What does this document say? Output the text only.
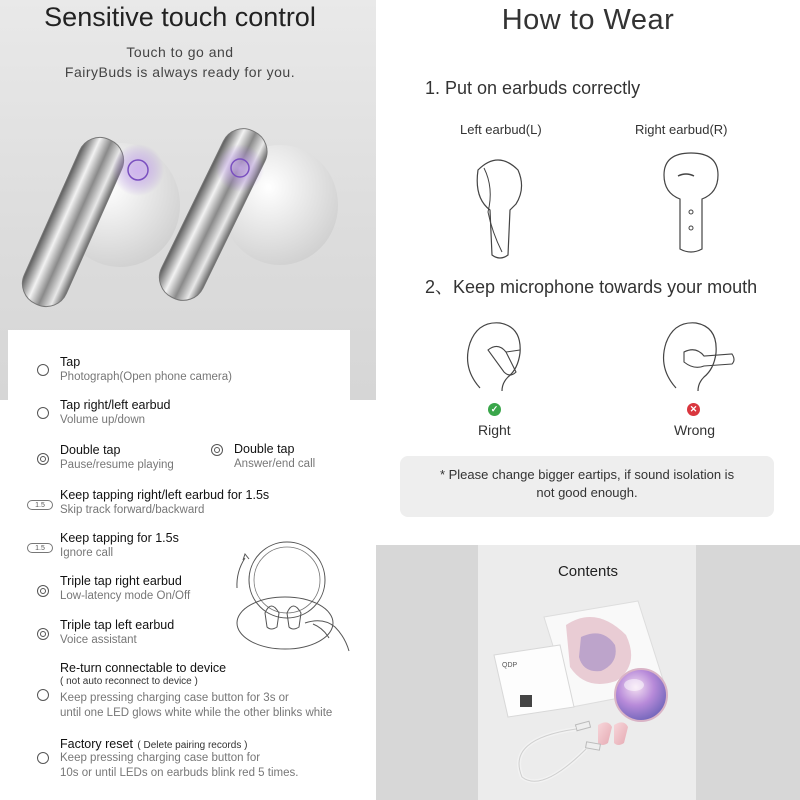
Sensitive touch control
Touch to go and
FairyBuds is always ready for you.
Tap
Photograph(Open phone camera)
Tap right/left earbud
Volume up/down
Double tap
Pause/resume playing
Double tap
Answer/end call
1.5
Keep tapping right/left earbud for 1.5s
Skip track forward/backward
1.5
Keep tapping for 1.5s
Ignore call
Triple tap right earbud
Low-latency mode On/Off
Triple tap left earbud
Voice assistant
Re-turn connectable to device
( not auto reconnect to device )
Keep pressing charging case button for 3s or
until one LED glows white while the other blinks white
Factory reset ( Delete pairing records )
Keep pressing charging case button for
10s or until LEDs on earbuds blink red 5 times.
How to Wear
1. Put on earbuds correctly
Left earbud(L)	Right earbud(R)
2、Keep microphone towards your mouth
✓	✕
Right	Wrong
* Please change bigger eartips, if sound isolation is
not good enough.
Contents
QDP
